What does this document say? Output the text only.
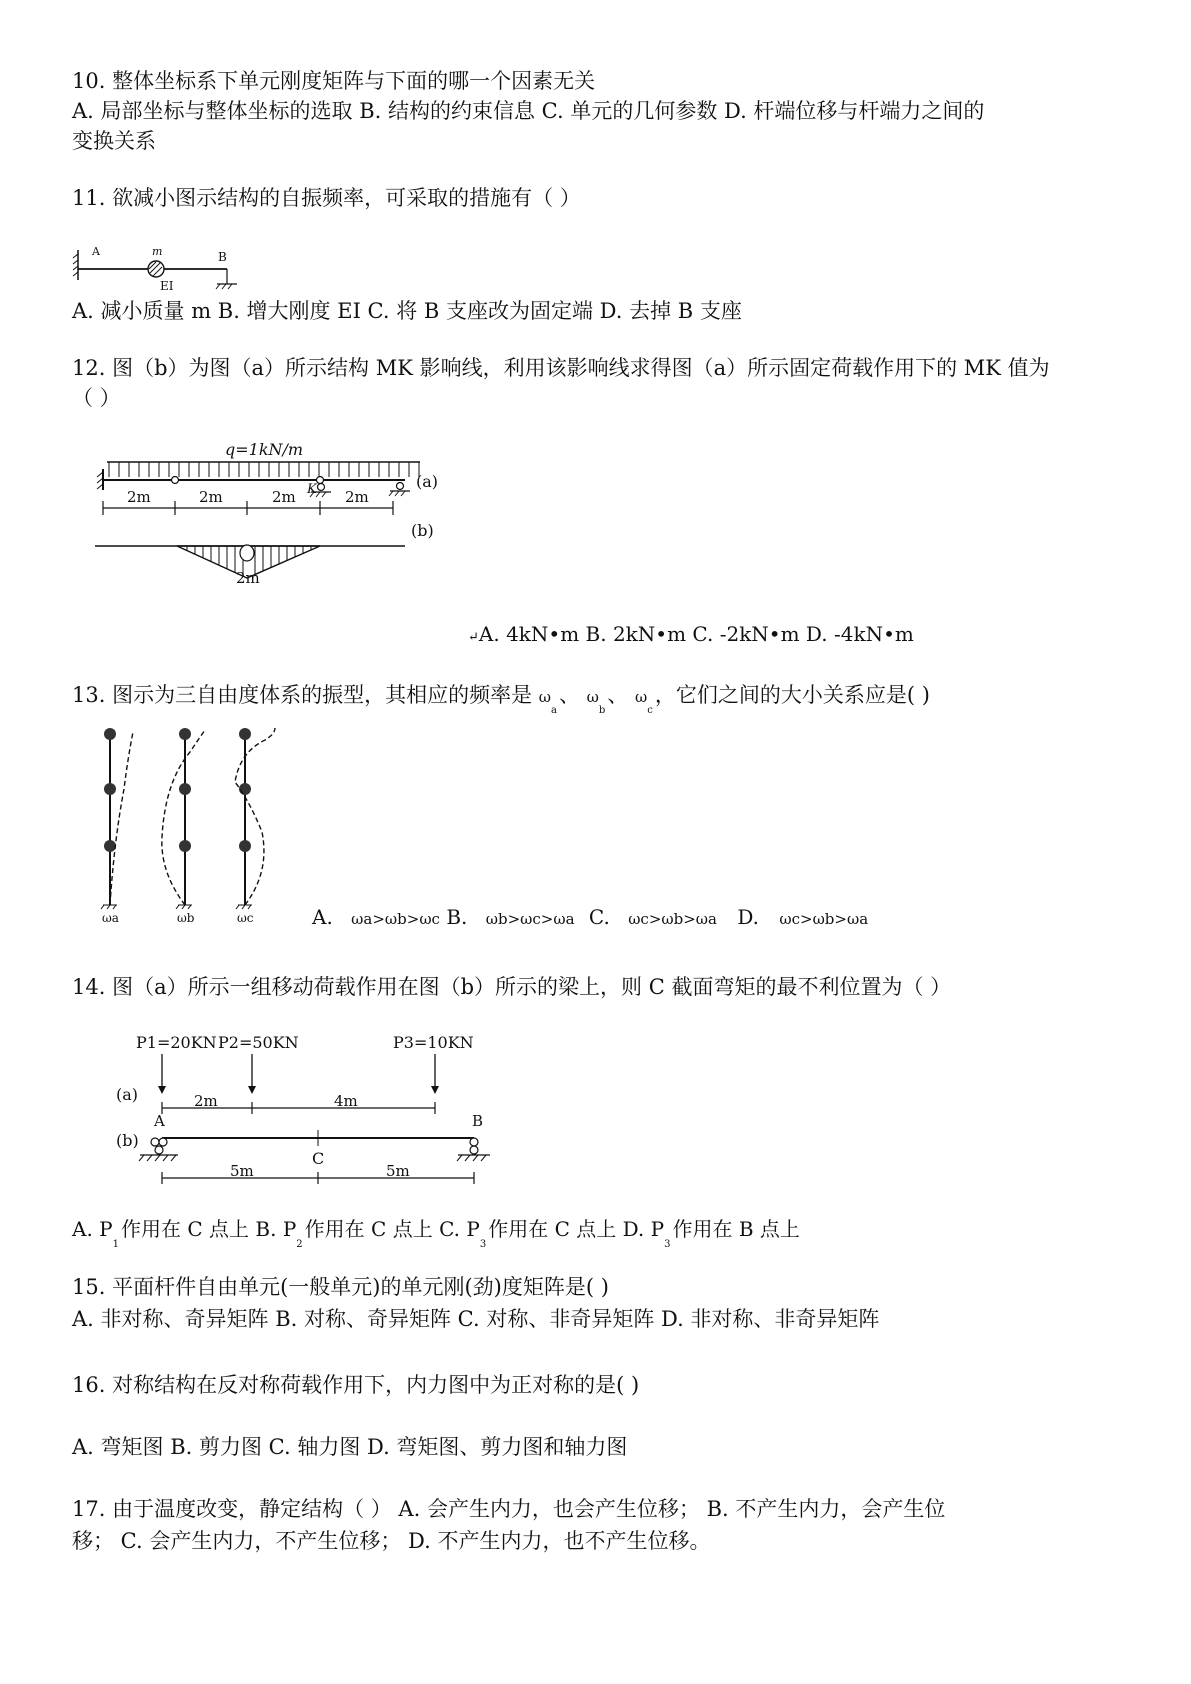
10. 整体坐标系下单元刚度矩阵与下面的哪一个因素无关
A. 局部坐标与整体坐标的选取 B. 结构的约束信息 C. 单元的几何参数 D. 杆端位移与杆端力之间的
变换关系
11. 欲减小图示结构的自振频率，可采取的措施有（ ）
A	m	B
EI
A. 减小质量 m B. 增大刚度 EI C. 将 B 支座改为固定端 D. 去掉 B 支座
12. 图（b）为图（a）所示结构 MK 影响线，利用该影响线求得图（a）所示固定荷载作用下的 MK 值为
（ ）
q=1kN/m
K	(a)
2m	2m	2m	2m
(b)
2m
↵A. 4kN•m B. 2kN•m C. -2kN•m D. -4kN•m
13. 图示为三自由度体系的振型，其相应的频率是 $\omega_a$、 $\omega_b$、 $\omega_c$，它们之间的大小关系应是( )
ωa	ωb	ωc	A. ωa>ωb>ωc B. ωb>ωc>ωa C. ωc>ωb>ωa D. ωc>ωb>ωa
14. 图（a）所示一组移动荷载作用在图（b）所示的梁上，则 C 截面弯矩的最不利位置为（ ）
P1=20KN P2=50KN	P3=10KN
(a)	2m	4m
A	B
(b)
C
5m	5m
A. $P_1$作用在 C 点上 B. $P_2$作用在 C 点上 C. $P_3$作用在 C 点上 D. $P_3$作用在 B 点上
15. 平面杆件自由单元(一般单元)的单元刚(劲)度矩阵是( )
A. 非对称、奇异矩阵 B. 对称、奇异矩阵 C. 对称、非奇异矩阵 D. 非对称、非奇异矩阵
16. 对称结构在反对称荷载作用下，内力图中为正对称的是( )
A. 弯矩图 B. 剪力图 C. 轴力图 D. 弯矩图、剪力图和轴力图
17. 由于温度改变，静定结构（ ） A. 会产生内力，也会产生位移； B. 不产生内力，会产生位
移； C. 会产生内力，不产生位移； D. 不产生内力，也不产生位移。
